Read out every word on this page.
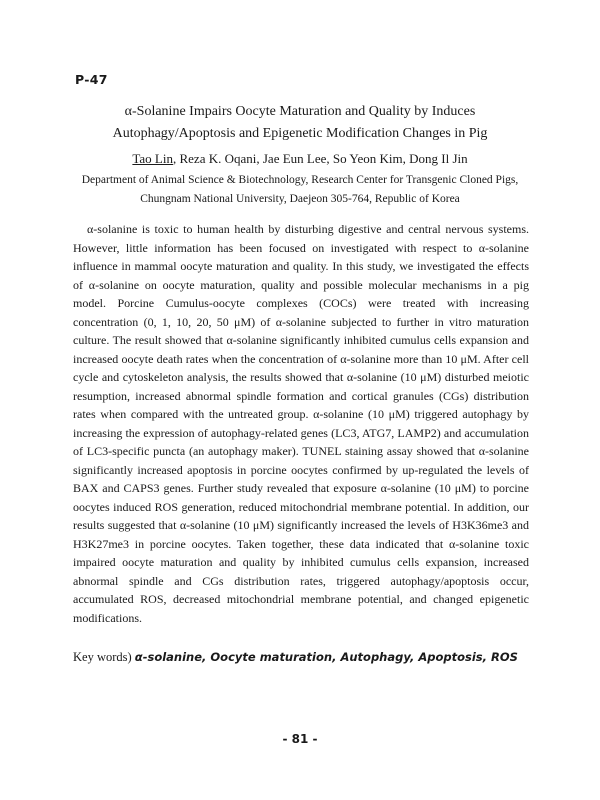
P-47
α-Solanine Impairs Oocyte Maturation and Quality by Induces
Autophagy/Apoptosis and Epigenetic Modification Changes in Pig
Tao Lin, Reza K. Oqani, Jae Eun Lee, So Yeon Kim, Dong Il Jin
Department of Animal Science & Biotechnology, Research Center for Transgenic Cloned Pigs,
Chungnam National University, Daejeon 305-764, Republic of Korea
α-solanine is toxic to human health by disturbing digestive and central nervous systems. However, little information has been focused on investigated with respect to α-solanine influence in mammal oocyte maturation and quality. In this study, we investigated the effects of α-solanine on oocyte maturation, quality and possible molecular mechanisms in a pig model. Porcine Cumulus-oocyte complexes (COCs) were treated with increasing concentration (0, 1, 10, 20, 50 μM) of α-solanine subjected to further in vitro maturation culture. The result showed that α-solanine significantly inhibited cumulus cells expansion and increased oocyte death rates when the concentration of α-solanine more than 10 μM. After cell cycle and cytoskeleton analysis, the results showed that α-solanine (10 μM) disturbed meiotic resumption, increased abnormal spindle formation and cortical granules (CGs) distribution rates when compared with the untreated group. α-solanine (10 μM) triggered autophagy by increasing the expression of autophagy-related genes (LC3, ATG7, LAMP2) and accumulation of LC3-specific puncta (an autophagy maker). TUNEL staining assay showed that α-solanine significantly increased apoptosis in porcine oocytes confirmed by up-regulated the levels of BAX and CAPS3 genes. Further study revealed that exposure α-solanine (10 μM) to porcine oocytes induced ROS generation, reduced mitochondrial membrane potential. In addition, our results suggested that α-solanine (10 μM) significantly increased the levels of H3K36me3 and H3K27me3 in porcine oocytes. Taken together, these data indicated that α-solanine toxic impaired oocyte maturation and quality by inhibited cumulus cells expansion, increased abnormal spindle and CGs distribution rates, triggered autophagy/apoptosis occur, accumulated ROS, decreased mitochondrial membrane potential, and changed epigenetic modifications.
Key words) α-solanine, Oocyte maturation, Autophagy, Apoptosis, ROS
- 81 -
